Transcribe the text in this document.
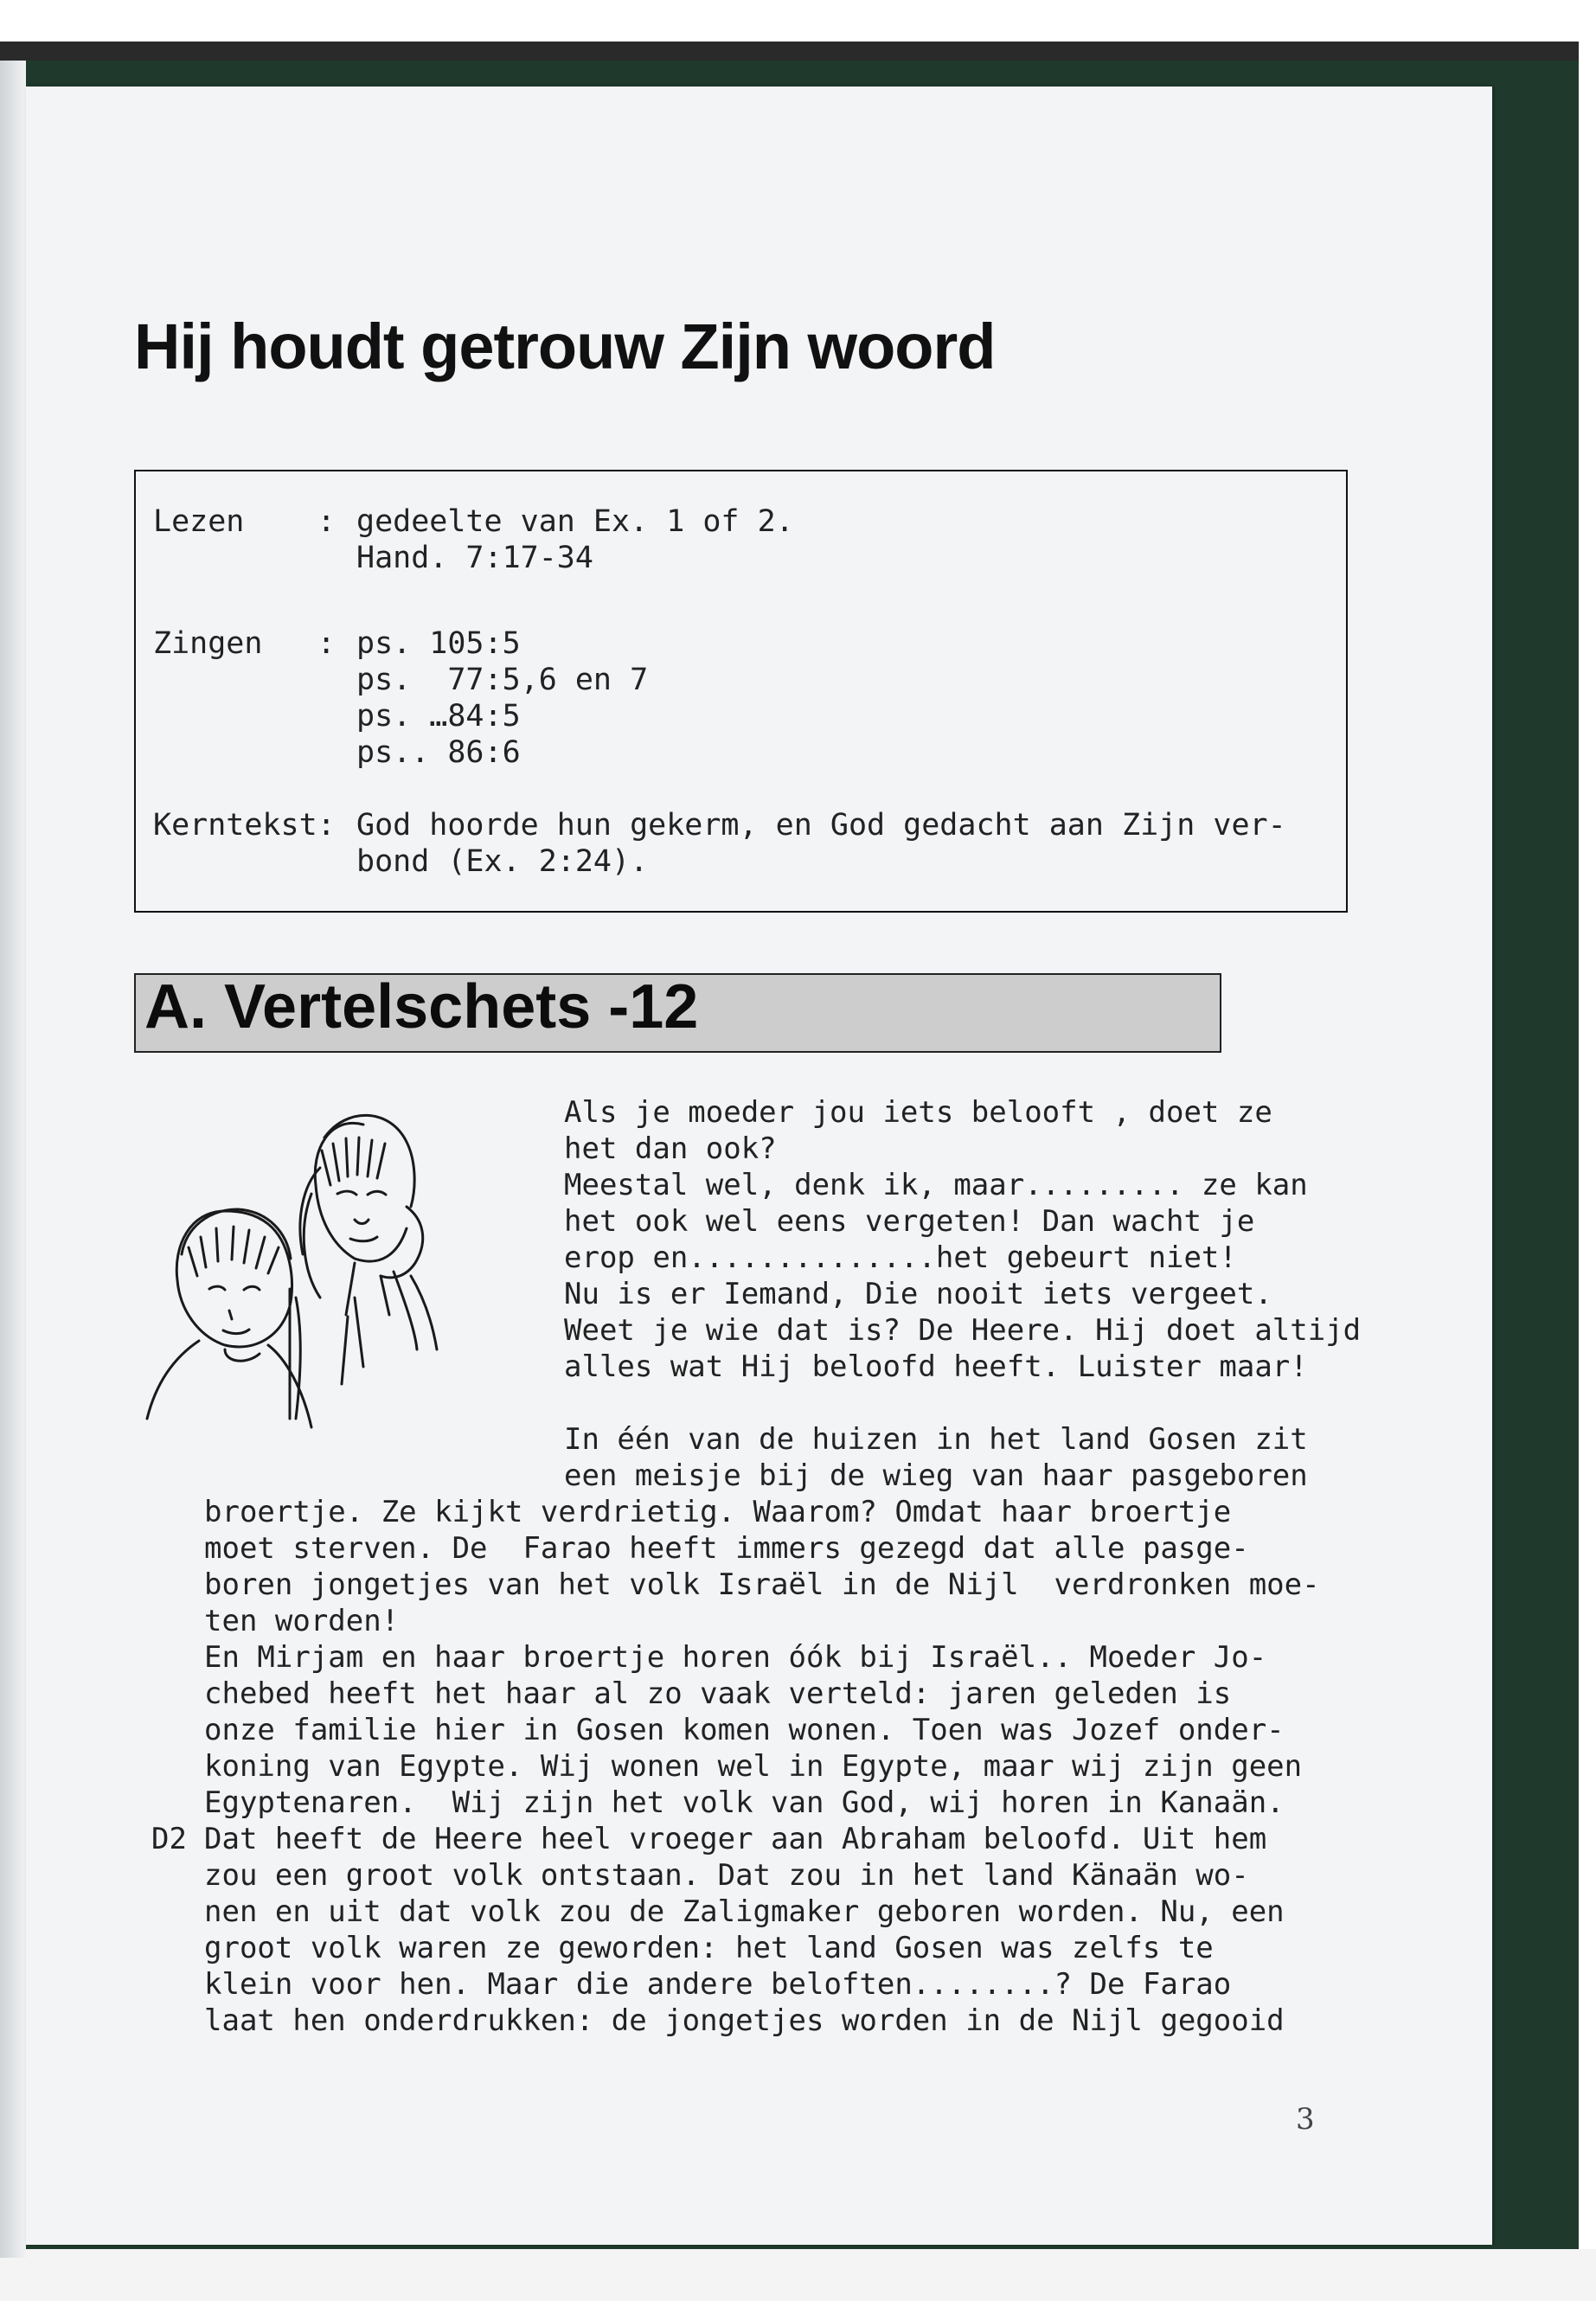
Hij houdt getrouw Zijn woord
Lezen    : gedeelte van Ex. 1 of 2.
Hand. 7:17-34
Zingen   : ps. 105:5
ps.  77:5,6 en 7
ps. …84:5
ps.. 86:6
Kerntekst: God hoorde hun gekerm, en God gedacht aan Zijn ver-
bond (Ex. 2:24).
A. Vertelschets -12
Als je moeder jou iets belooft , doet ze
het dan ook?
Meestal wel, denk ik, maar......... ze kan
het ook wel eens vergeten! Dan wacht je
erop en..............het gebeurt niet!
Nu is er Iemand, Die nooit iets vergeet.
Weet je wie dat is? De Heere. Hij doet altijd
alles wat Hij beloofd heeft. Luister maar!
In één van de huizen in het land Gosen zit
een meisje bij de wieg van haar pasgeboren
broertje. Ze kijkt verdrietig. Waarom? Omdat haar broertje
moet sterven. De  Farao heeft immers gezegd dat alle pasge-
boren jongetjes van het volk Israël in de Nijl  verdronken moe-
ten worden!
En Mirjam en haar broertje horen óók bij Israël.. Moeder Jo-
chebed heeft het haar al zo vaak verteld: jaren geleden is
onze familie hier in Gosen komen wonen. Toen was Jozef onder-
koning van Egypte. Wij wonen wel in Egypte, maar wij zijn geen
Egyptenaren.  Wij zijn het volk van God, wij horen in Kanaän.
D2 Dat heeft de Heere heel vroeger aan Abraham beloofd. Uit hem
zou een groot volk ontstaan. Dat zou in het land Känaän wo-
nen en uit dat volk zou de Zaligmaker geboren worden. Nu, een
groot volk waren ze geworden: het land Gosen was zelfs te
klein voor hen. Maar die andere beloften........? De Farao
laat hen onderdrukken: de jongetjes worden in de Nijl gegooid
3
